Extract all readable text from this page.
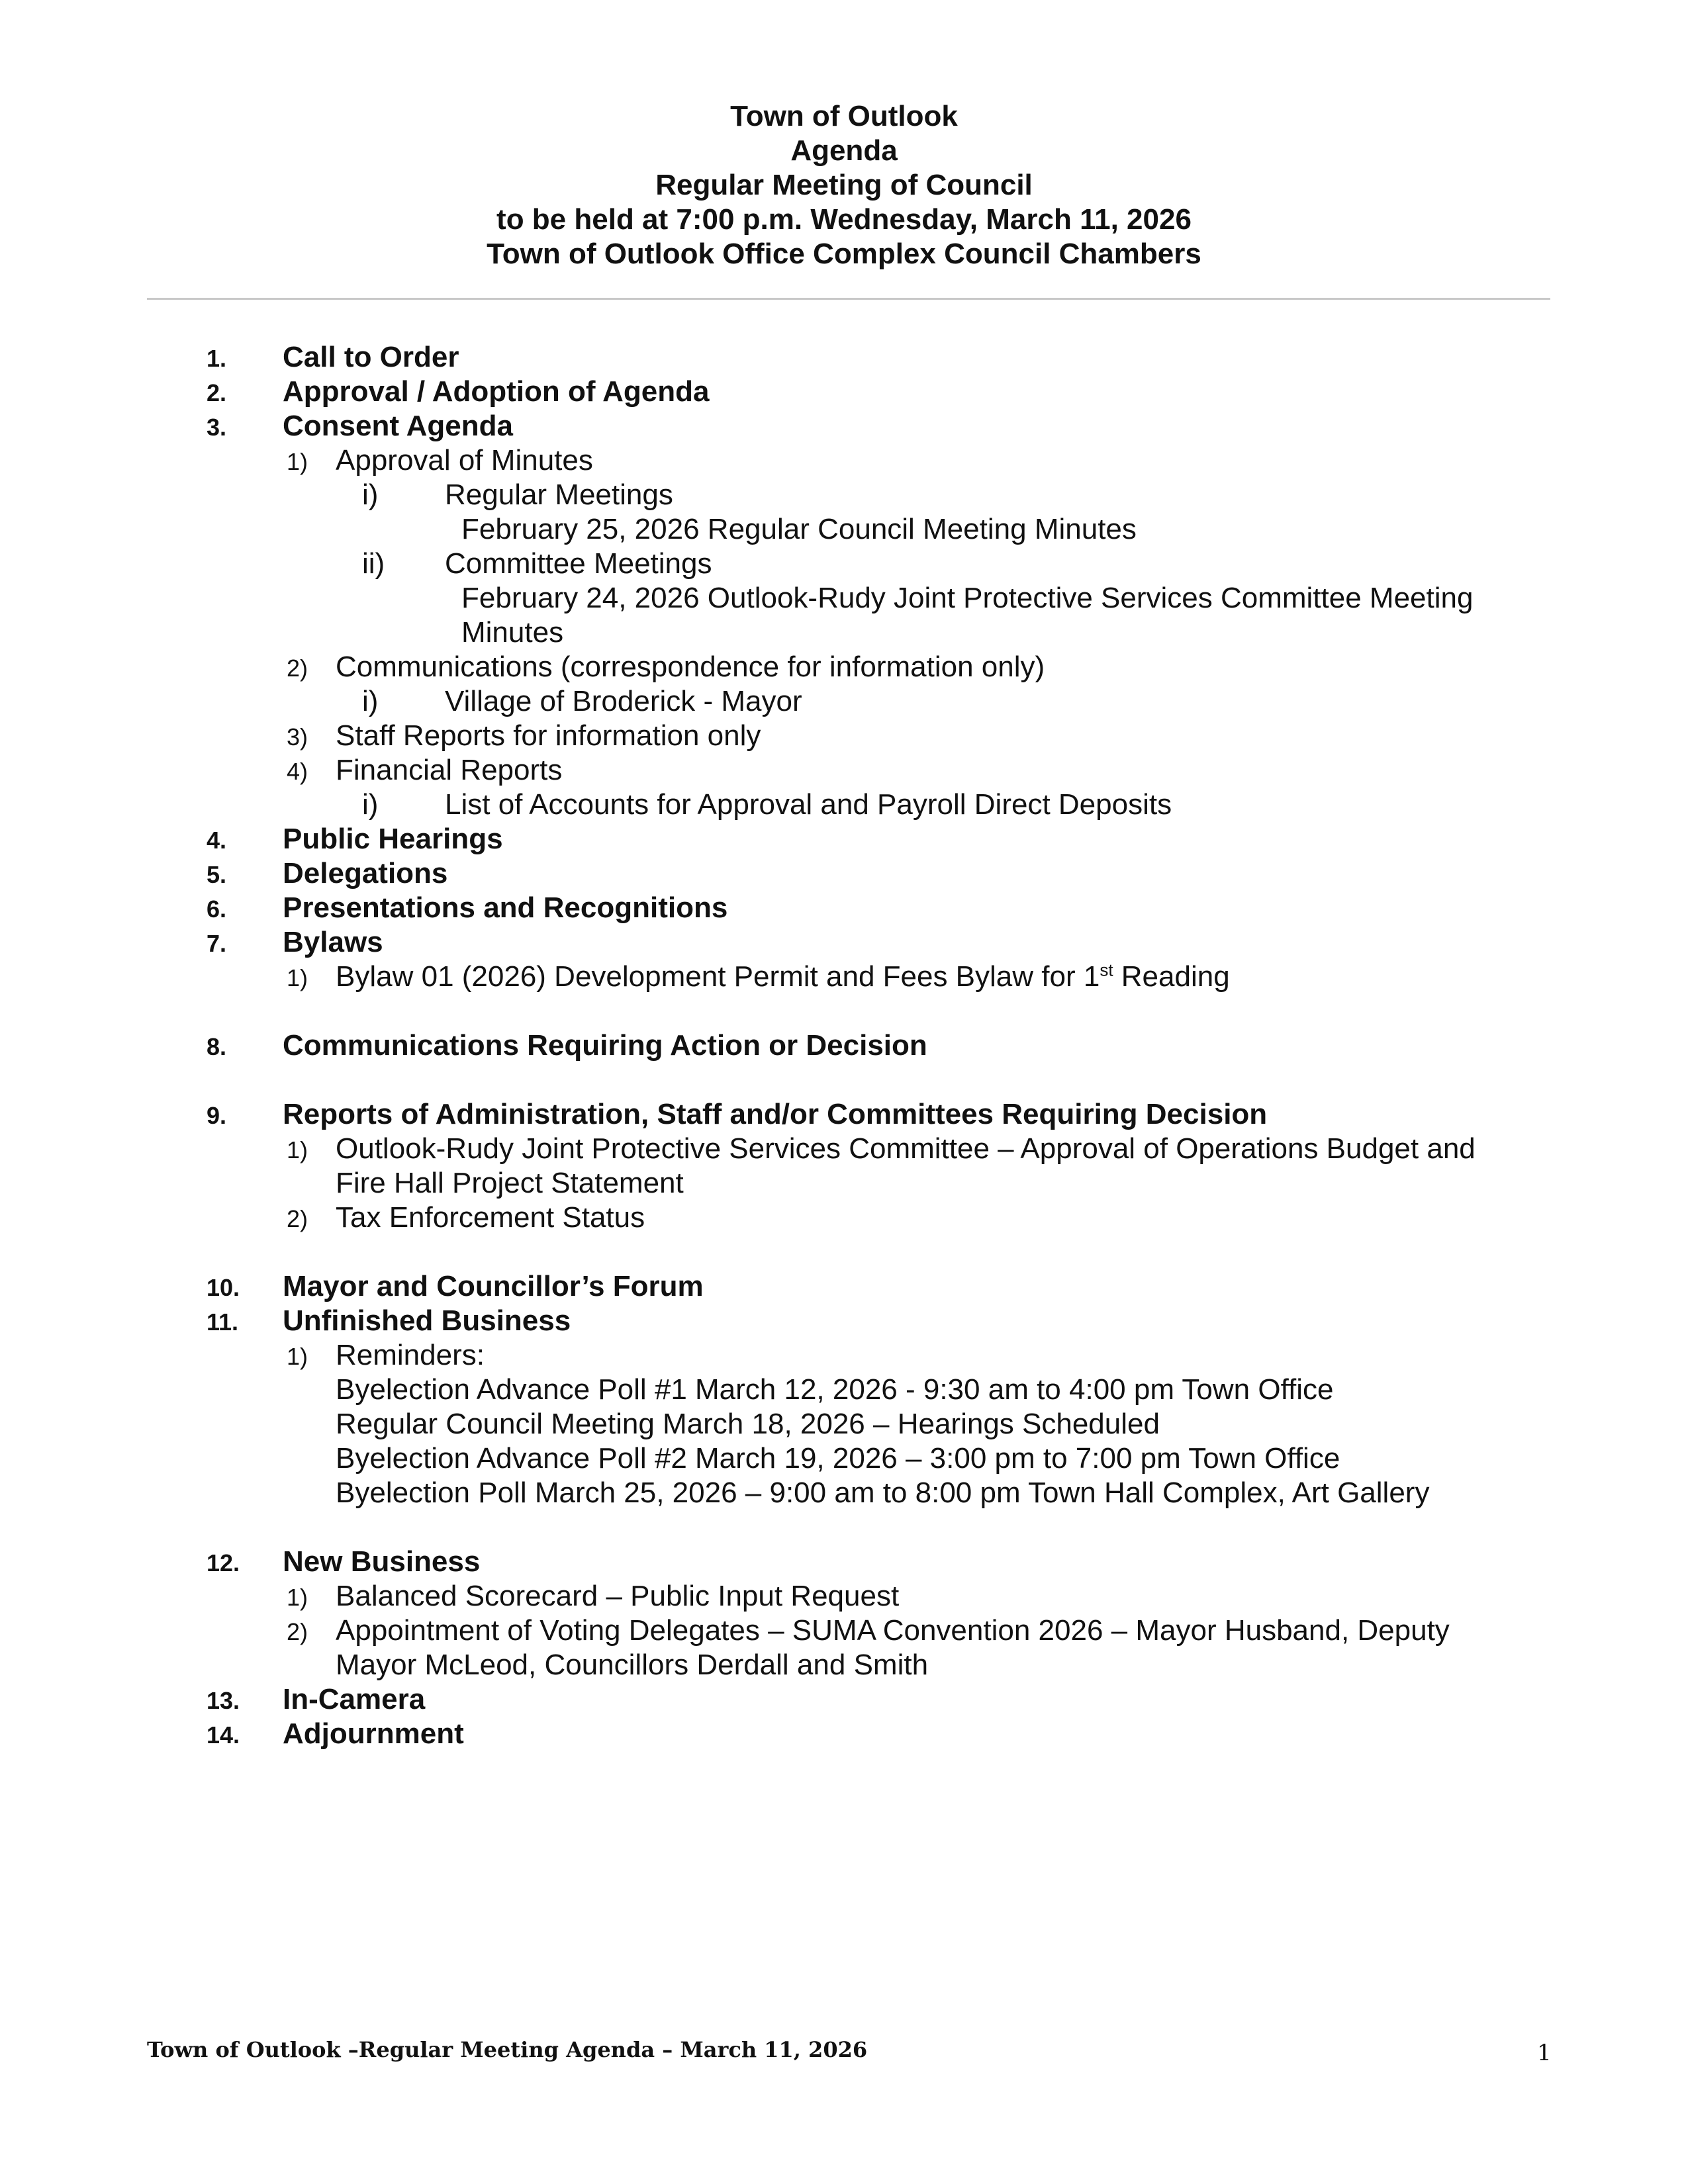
Town of Outlook
Agenda
Regular Meeting of Council
to be held at 7:00 p.m. Wednesday, March 11, 2026
Town of Outlook Office Complex Council Chambers
1. Call to Order
2. Approval / Adoption of Agenda
3. Consent Agenda
1) Approval of Minutes
i) Regular Meetings
February 25, 2026 Regular Council Meeting Minutes
ii) Committee Meetings
February 24, 2026 Outlook-Rudy Joint Protective Services Committee Meeting
Minutes
2) Communications (correspondence for information only)
i) Village of Broderick - Mayor
3) Staff Reports for information only
4) Financial Reports
i) List of Accounts for Approval and Payroll Direct Deposits
4. Public Hearings
5. Delegations
6. Presentations and Recognitions
7. Bylaws
1) Bylaw 01 (2026) Development Permit and Fees Bylaw for 1st Reading
8. Communications Requiring Action or Decision
9. Reports of Administration, Staff and/or Committees Requiring Decision
1) Outlook-Rudy Joint Protective Services Committee – Approval of Operations Budget and
Fire Hall Project Statement
2) Tax Enforcement Status
10. Mayor and Councillor’s Forum
11. Unfinished Business
1) Reminders:
Byelection Advance Poll #1 March 12, 2026 - 9:30 am to 4:00 pm Town Office
Regular Council Meeting March 18, 2026 – Hearings Scheduled
Byelection Advance Poll #2 March 19, 2026 – 3:00 pm to 7:00 pm Town Office
Byelection Poll March 25, 2026 – 9:00 am to 8:00 pm Town Hall Complex, Art Gallery
12. New Business
1) Balanced Scorecard – Public Input Request
2) Appointment of Voting Delegates – SUMA Convention 2026 – Mayor Husband, Deputy
Mayor McLeod, Councillors Derdall and Smith
13. In-Camera
14. Adjournment
Town of Outlook –Regular Meeting Agenda – March 11, 2026	1
